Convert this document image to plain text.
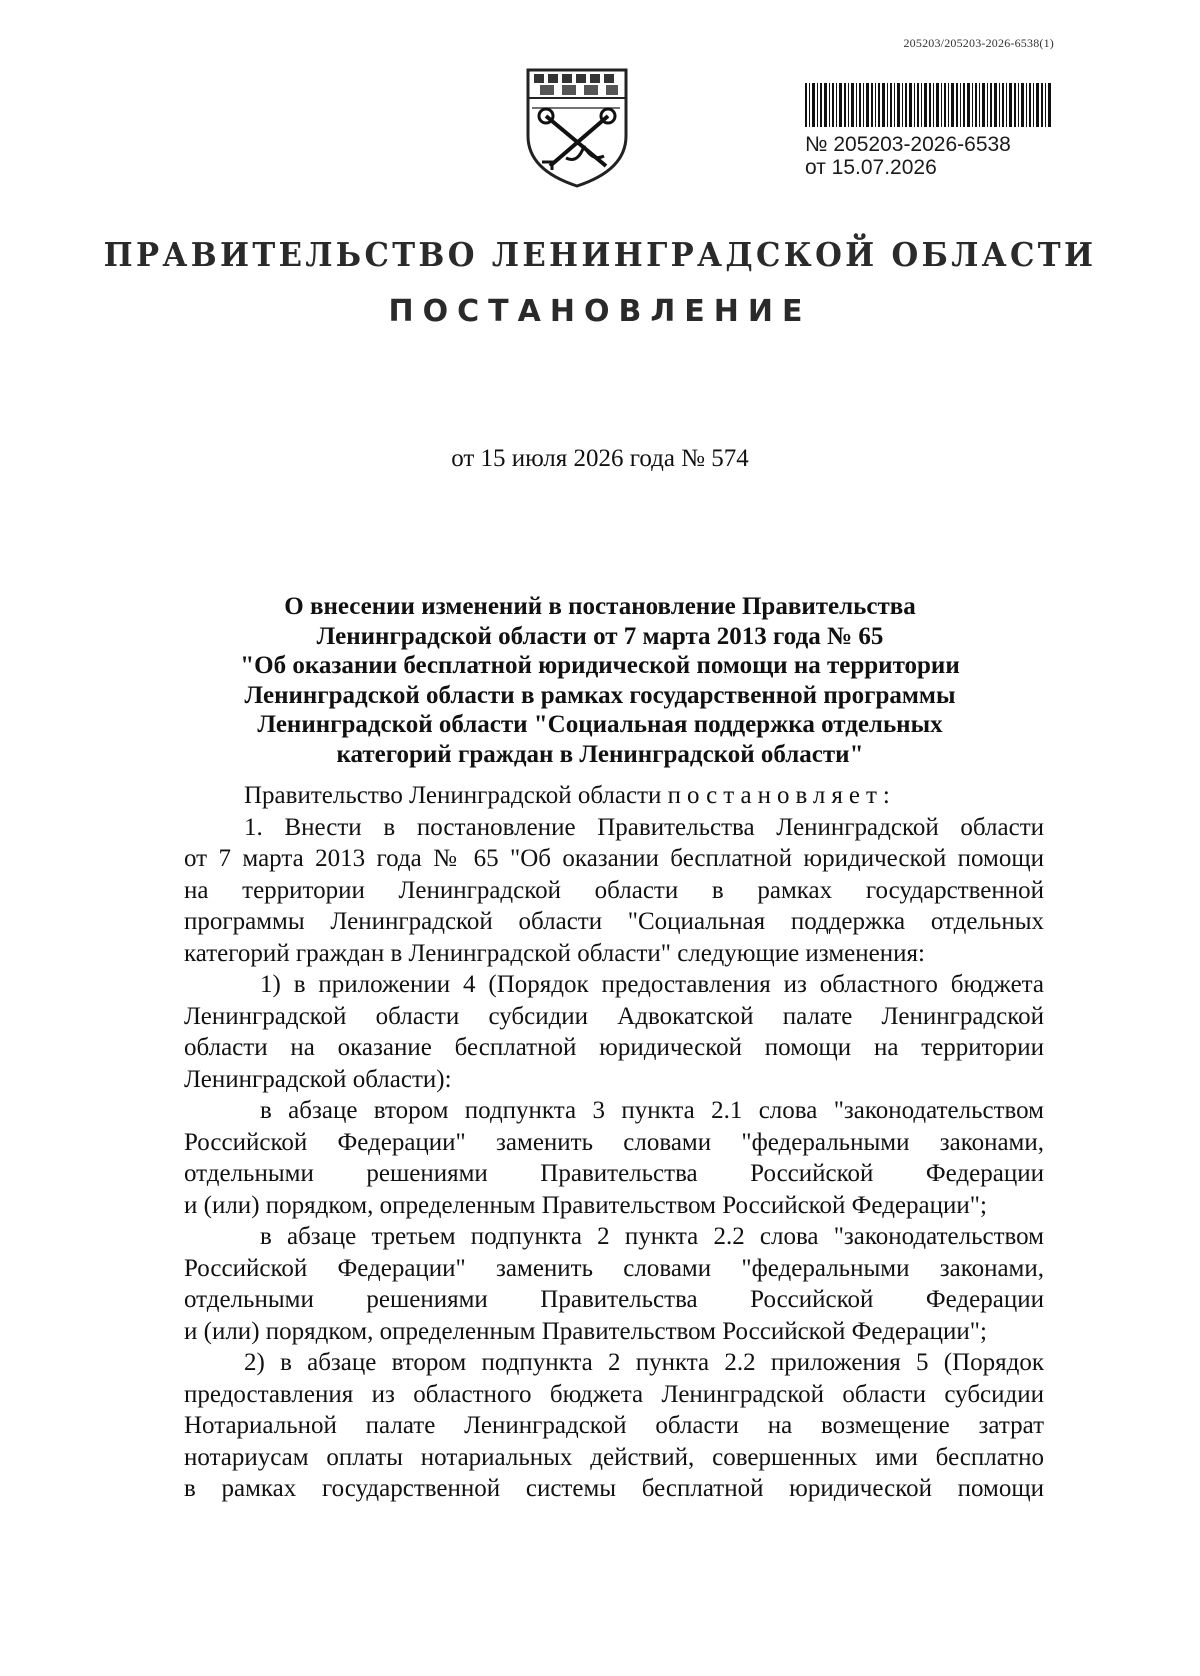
205203/205203-2026-6538(1)
№ 205203-2026-6538
от 15.07.2026
ПРАВИТЕЛЬСТВО ЛЕНИНГРАДСКОЙ ОБЛАСТИ
ПОСТАНОВЛЕНИЕ
от 15 июля 2026 года № 574
О внесении изменений в постановление Правительства
Ленинградской области от 7 марта 2013 года № 65
"Об оказании бесплатной юридической помощи на территории
Ленинградской области в рамках государственной программы
Ленинградской области "Социальная поддержка отдельных
категорий граждан в Ленинградской области"
Правительство Ленинградской области постановляет:
1. Внести в постановление Правительства Ленинградской области
от 7 марта 2013 года № 65 "Об оказании бесплатной юридической помощи
на территории Ленинградской области в рамках государственной
программы Ленинградской области "Социальная поддержка отдельных
категорий граждан в Ленинградской области" следующие изменения:
1) в приложении 4 (Порядок предоставления из областного бюджета
Ленинградской области субсидии Адвокатской палате Ленинградской
области на оказание бесплатной юридической помощи на территории
Ленинградской области):
в абзаце втором подпункта 3 пункта 2.1 слова "законодательством
Российской Федерации" заменить словами "федеральными законами,
отдельными решениями Правительства Российской Федерации
и (или) порядком, определенным Правительством Российской Федерации";
в абзаце третьем подпункта 2 пункта 2.2 слова "законодательством
Российской Федерации" заменить словами "федеральными законами,
отдельными решениями Правительства Российской Федерации
и (или) порядком, определенным Правительством Российской Федерации";
2) в абзаце втором подпункта 2 пункта 2.2 приложения 5 (Порядок
предоставления из областного бюджета Ленинградской области субсидии
Нотариальной палате Ленинградской области на возмещение затрат
нотариусам оплаты нотариальных действий, совершенных ими бесплатно
в рамках государственной системы бесплатной юридической помощи
